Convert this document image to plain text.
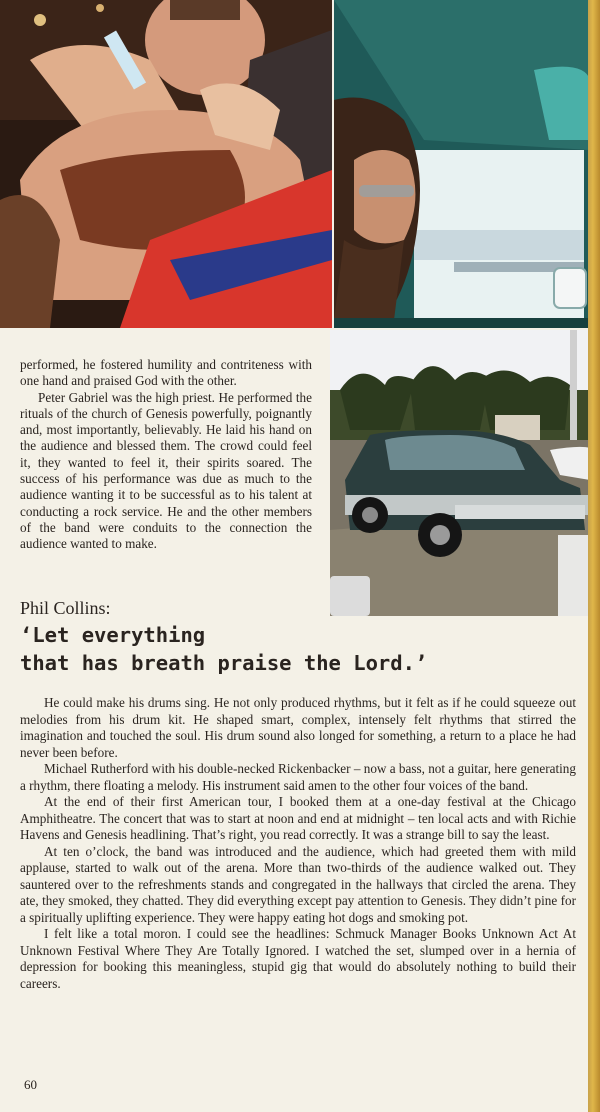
performed, he fostered humility and contriteness with one hand and praised God with the other.

Peter Gabriel was the high priest. He performed the rituals of the church of Genesis powerfully, poignantly and, most importantly, believably. He laid his hand on the audience and blessed them. The crowd could feel it, they wanted to feel it, their spirits soared. The success of his performance was due as much to the audience wanting it to be successful as to his talent at conducting a rock service. He and the other members of the band were conduits to the connection the audience wanted to make.

Phil Collins:
‘Let everything
that has breath praise the Lord.’

He could make his drums sing. He not only produced rhythms, but it felt as if he could squeeze out melodies from his drum kit. He shaped smart, complex, intensely felt rhythms that stirred the imagination and touched the soul. His drum sound also longed for something, a return to a place he had never been before.

Michael Rutherford with his double-necked Rickenbacker – now a bass, not a guitar, here generating a rhythm, there floating a melody. His instrument said amen to the other four voices of the band.

At the end of their first American tour, I booked them at a one-day festival at the Chicago Amphitheatre. The concert that was to start at noon and end at midnight – ten local acts and with Richie Havens and Genesis headlining. That’s right, you read correctly. It was a strange bill to say the least.

At ten o’clock, the band was introduced and the audience, which had greeted them with mild applause, started to walk out of the arena. More than two-thirds of the audience walked out. They sauntered over to the refreshments stands and congregated in the hallways that circled the arena. They ate, they smoked, they chatted. They did everything except pay attention to Genesis. They didn’t pine for a spiritually uplifting experience. They were happy eating hot dogs and smoking pot.

I felt like a total moron. I could see the headlines: Schmuck Manager Books Unknown Act At Unknown Festival Where They Are Totally Ignored. I watched the set, slumped over in a hernia of depression for booking this meaningless, stupid gig that would do absolutely nothing to build their careers.

60
